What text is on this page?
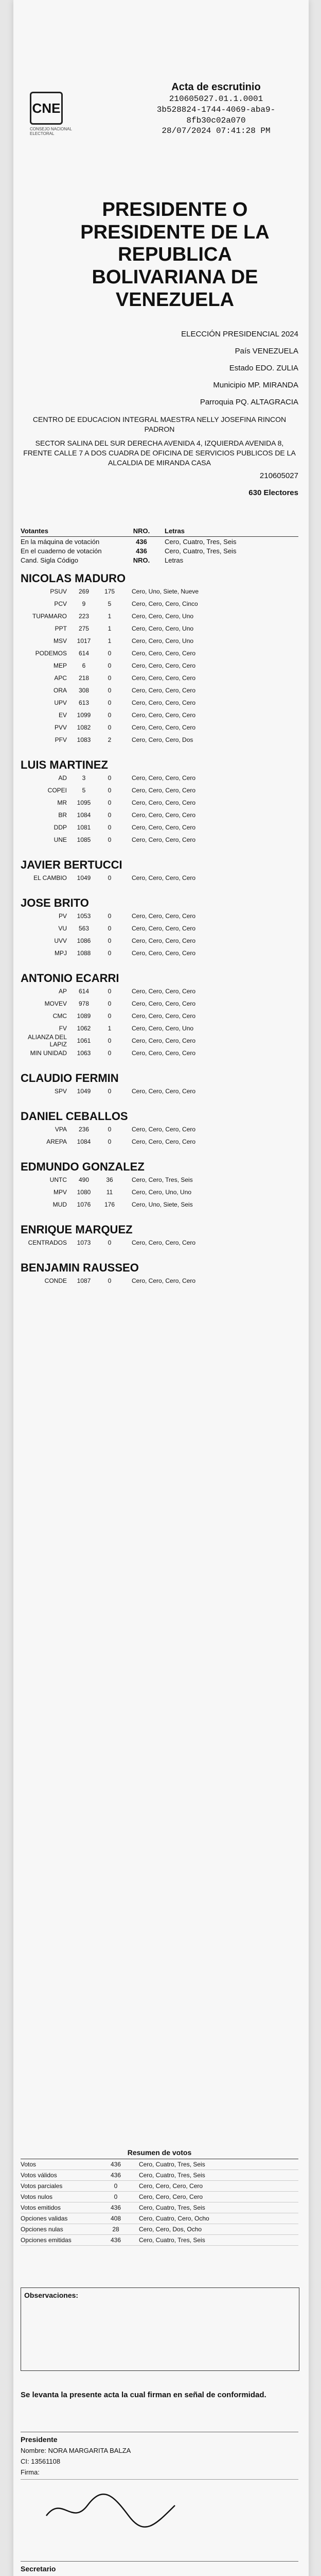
CNE
CONSEJO NACIONAL ELECTORAL
Acta de escrutinio
210605027.01.1.0001
3b528824-1744-4069-aba9-
8fb30c02a070
28/07/2024 07:41:28 PM
PRESIDENTE O PRESIDENTE DE LA REPUBLICA BOLIVARIANA DE VENEZUELA
ELECCIÓN PRESIDENCIAL 2024
País VENEZUELA
Estado EDO. ZULIA
Municipio MP. MIRANDA
Parroquia PQ. ALTAGRACIA
CENTRO DE EDUCACION INTEGRAL MAESTRA NELLY JOSEFINA RINCON PADRON
SECTOR SALINA DEL SUR DERECHA AVENIDA 4, IZQUIERDA AVENIDA 8, FRENTE CALLE 7 A DOS CUADRA DE OFICINA DE SERVICIOS PUBLICOS DE LA ALCALDIA DE MIRANDA CASA
210605027
630 Electores
Votantes	NRO.	Letras
En la máquina de votación	436	Cero, Cuatro, Tres, Seis
En el cuaderno de votación	436	Cero, Cuatro, Tres, Seis
Cand. Sigla Código	NRO.	Letras
NICOLAS MADURO
PSUV	269	175	Cero, Uno, Siete, Nueve
PCV	9	5	Cero, Cero, Cero, Cinco
TUPAMARO	223	1	Cero, Cero, Cero, Uno
PPT	275	1	Cero, Cero, Cero, Uno
MSV	1017	1	Cero, Cero, Cero, Uno
PODEMOS	614	0	Cero, Cero, Cero, Cero
MEP	6	0	Cero, Cero, Cero, Cero
APC	218	0	Cero, Cero, Cero, Cero
ORA	308	0	Cero, Cero, Cero, Cero
UPV	613	0	Cero, Cero, Cero, Cero
EV	1099	0	Cero, Cero, Cero, Cero
PVV	1082	0	Cero, Cero, Cero, Cero
PFV	1083	2	Cero, Cero, Cero, Dos
LUIS MARTINEZ
AD	3	0	Cero, Cero, Cero, Cero
COPEI	5	0	Cero, Cero, Cero, Cero
MR	1095	0	Cero, Cero, Cero, Cero
BR	1084	0	Cero, Cero, Cero, Cero
DDP	1081	0	Cero, Cero, Cero, Cero
UNE	1085	0	Cero, Cero, Cero, Cero
JAVIER BERTUCCI
EL CAMBIO	1049	0	Cero, Cero, Cero, Cero
JOSE BRITO
PV	1053	0	Cero, Cero, Cero, Cero
VU	563	0	Cero, Cero, Cero, Cero
UVV	1086	0	Cero, Cero, Cero, Cero
MPJ	1088	0	Cero, Cero, Cero, Cero
ANTONIO ECARRI
AP	614	0	Cero, Cero, Cero, Cero
MOVEV	978	0	Cero, Cero, Cero, Cero
CMC	1089	0	Cero, Cero, Cero, Cero
FV	1062	1	Cero, Cero, Cero, Uno
ALIANZA DEL LAPIZ	1061	0	Cero, Cero, Cero, Cero
MIN UNIDAD	1063	0	Cero, Cero, Cero, Cero
CLAUDIO FERMIN
SPV	1049	0	Cero, Cero, Cero, Cero
DANIEL CEBALLOS
VPA	236	0	Cero, Cero, Cero, Cero
AREPA	1084	0	Cero, Cero, Cero, Cero
EDMUNDO GONZALEZ
UNTC	490	36	Cero, Cero, Tres, Seis
MPV	1080	11	Cero, Cero, Uno, Uno
MUD	1076	176	Cero, Uno, Siete, Seis
ENRIQUE MARQUEZ
CENTRADOS	1073	0	Cero, Cero, Cero, Cero
BENJAMIN RAUSSEO
CONDE	1087	0	Cero, Cero, Cero, Cero
Resumen de votos
Votos	436	Cero, Cuatro, Tres, Seis
Votos válidos	436	Cero, Cuatro, Tres, Seis
Votos parciales	0	Cero, Cero, Cero, Cero
Votos nulos	0	Cero, Cero, Cero, Cero
Votos emitidos	436	Cero, Cuatro, Tres, Seis
Opciones validas	408	Cero, Cuatro, Cero, Ocho
Opciones nulas	28	Cero, Cero, Dos, Ocho
Opciones emitidas	436	Cero, Cuatro, Tres, Seis
Observaciones:
Se levanta la presente acta la cual firman en señal de conformidad.
Presidente
Nombre: NORA MARGARITA BALZA
CI: 13561108
Firma:
Secretario
